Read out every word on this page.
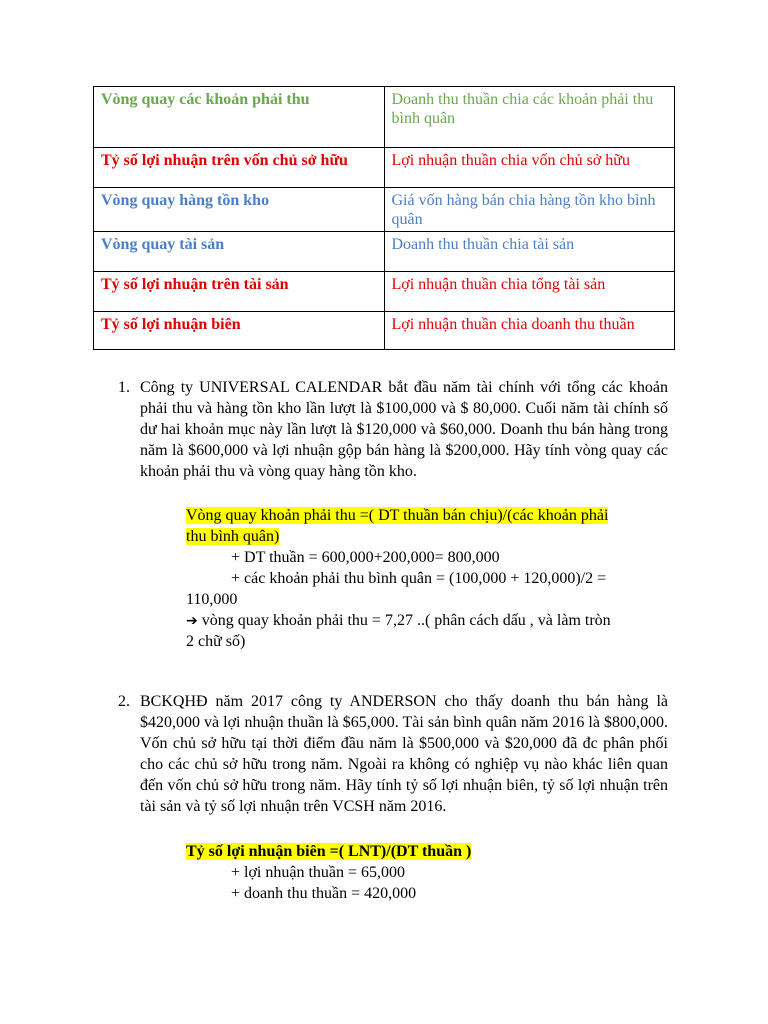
Vòng quay các khoản phải thu	Doanh thu thuần chia các khoản phải thu bình quân
Tỷ số lợi nhuận trên vốn chủ sở hữu	Lợi nhuận thuần chia vốn chủ sở hữu
Vòng quay hàng tồn kho	Giá vốn hàng bán chia hàng tồn kho bình quân
Vòng quay tài sản	Doanh thu thuần chia tài sản
Tỷ số lợi nhuận trên tài sản	Lợi nhuận thuần chia tổng tài sản
Tỷ số lợi nhuận biên	Lợi nhuận thuần chia doanh thu thuần
1. Công ty UNIVERSAL CALENDAR bắt đầu năm tài chính với tổng các khoản phải thu và hàng tồn kho lần lượt là $100,000 và $ 80,000. Cuối năm tài chính số dư hai khoản mục này lần lượt là $120,000 và $60,000. Doanh thu bán hàng trong năm là $600,000 và lợi nhuận gộp bán hàng là $200,000. Hãy tính vòng quay các khoản phải thu và vòng quay hàng tồn kho.
Vòng quay khoản phải thu =( DT thuần bán chịu)/(các khoản phải
thu bình quân)
+ DT thuần = 600,000+200,000= 800,000
+ các khoản phải thu bình quân = (100,000 + 120,000)/2 =
110,000
➔ vòng quay khoản phải thu = 7,27 ..( phân cách dấu , và làm tròn
2 chữ số)
2. BCKQHĐ năm 2017 công ty ANDERSON cho thấy doanh thu bán hàng là $420,000 và lợi nhuận thuần là $65,000. Tài sản bình quân năm 2016 là $800,000. Vốn chủ sở hữu tại thời điểm đầu năm là $500,000 và $20,000 đã đc phân phối cho các chủ sở hữu trong năm. Ngoài ra không có nghiệp vụ nào khác liên quan đến vốn chủ sở hữu trong năm. Hãy tính tỷ số lợi nhuận biên, tỷ số lợi nhuận trên tài sản và tỷ số lợi nhuận trên VCSH năm 2016.
Tỷ số lợi nhuận biên =( LNT)/(DT thuần )
+ lợi nhuận thuần = 65,000
+ doanh thu thuần = 420,000
